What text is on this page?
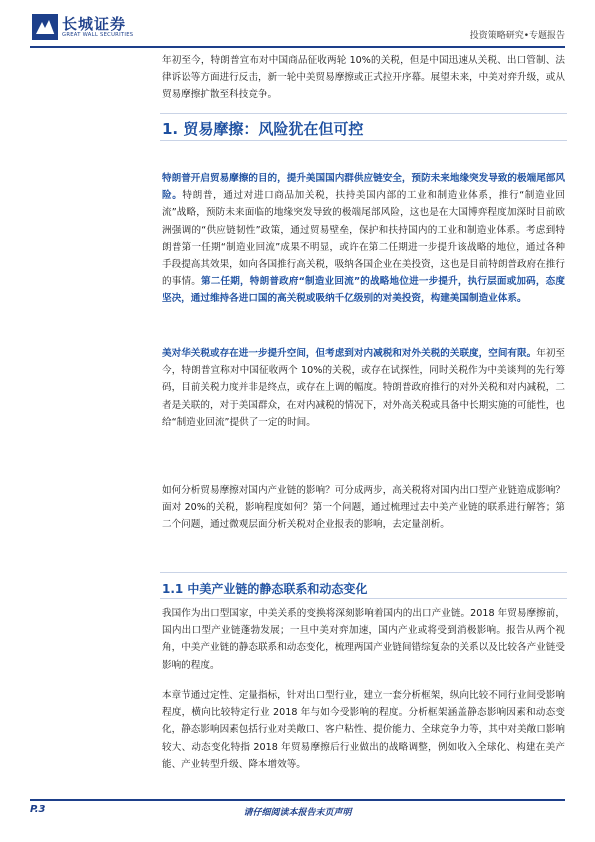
长城证券
GREAT WALL SECURITIES	投资策略研究•专题报告

年初至今，特朗普宣布对中国商品征收两轮 10%的关税，但是中国迅速从关税、出口管制、法律诉讼等方面进行反击，新一轮中美贸易摩擦或正式拉开序幕。展望未来，中美对弈升级，或从贸易摩擦扩散至科技竞争。

1. 贸易摩擦：风险犹在但可控

特朗普开启贸易摩擦的目的，提升美国国内群供应链安全，预防未来地缘突发导致的极端尾部风险。特朗普，通过对进口商品加关税，扶持美国内部的工业和制造业体系，推行“制造业回流”战略，预防未来面临的地缘突发导致的极端尾部风险，这也是在大国博弈程度加深时目前欧洲强调的“供应链韧性”政策，通过贸易壁垒，保护和扶持国内的工业和制造业体系。考虑到特朗普第一任期“制造业回流”成果不明显，或许在第二任期进一步提升该战略的地位，通过各种手段提高其效果，如向各国推行高关税，吸纳各国企业在美投资，这也是目前特朗普政府在推行的事情。第二任期，特朗普政府“制造业回流”的战略地位进一步提升，执行层面或加码，态度坚决，通过维持各进口国的高关税或吸纳千亿级别的对美投资，构建美国制造业体系。

美对华关税或存在进一步提升空间，但考虑到对内减税和对外关税的关联度，空间有限。年初至今，特朗普宣称对中国征收两个 10%的关税，或存在试探性，同时关税作为中美谈判的先行筹码，目前关税力度并非是终点，或存在上调的幅度。特朗普政府推行的对外关税和对内减税，二者是关联的，对于美国群众，在对内减税的情况下，对外高关税或具备中长期实施的可能性，也给“制造业回流”提供了一定的时间。

如何分析贸易摩擦对国内产业链的影响？可分成两步，高关税将对国内出口型产业链造成影响？面对 20%的关税，影响程度如何？第一个问题，通过梳理过去中美产业链的联系进行解答；第二个问题，通过微观层面分析关税对企业报表的影响，去定量剖析。

1.1 中美产业链的静态联系和动态变化

我国作为出口型国家，中美关系的变换将深刻影响着国内的出口产业链。2018 年贸易摩擦前，国内出口型产业链蓬勃发展；一旦中美对弈加速，国内产业或将受到消极影响。报告从两个视角，中美产业链的静态联系和动态变化，梳理两国产业链间错综复杂的关系以及比较各产业链受影响的程度。

本章节通过定性、定量指标，针对出口型行业，建立一套分析框架，纵向比较不同行业间受影响程度，横向比较特定行业 2018 年与如今受影响的程度。分析框架涵盖静态影响因素和动态变化，静态影响因素包括行业对美敞口、客户粘性、提价能力、全球竞争力等，其中对美敞口影响较大、动态变化特指 2018 年贸易摩擦后行业做出的战略调整，例如收入全球化、构建在美产能、产业转型升级、降本增效等。

P.3	请仔细阅读本报告末页声明
